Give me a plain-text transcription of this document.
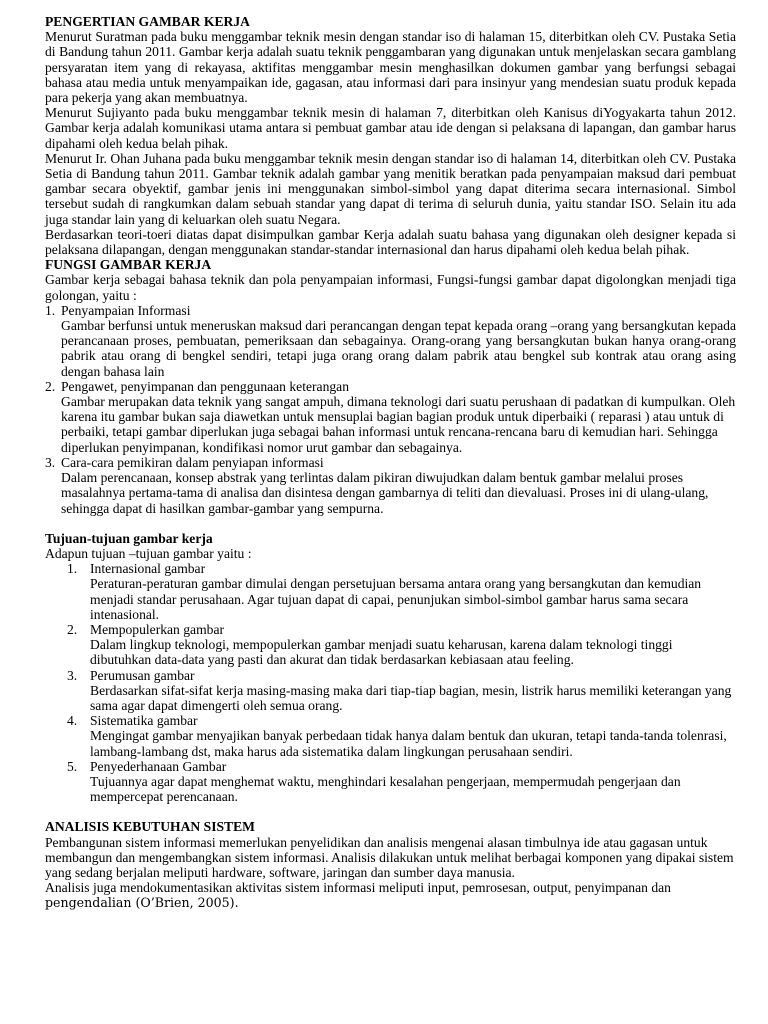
PENGERTIAN GAMBAR KERJA

Menurut Suratman pada buku menggambar teknik mesin dengan standar iso di halaman 15, diterbitkan oleh CV. Pustaka Setia di Bandung tahun 2011. Gambar kerja adalah suatu teknik penggambaran yang digunakan untuk menjelaskan secara gamblang persyaratan item yang di rekayasa, aktifitas menggambar mesin menghasilkan dokumen gambar yang berfungsi sebagai bahasa atau media untuk menyampaikan ide, gagasan, atau informasi dari para insinyur yang mendesian suatu produk kepada para pekerja yang akan membuatnya.

Menurut Sujiyanto pada buku menggambar teknik mesin di halaman 7, diterbitkan oleh Kanisus diYogyakarta tahun 2012. Gambar kerja adalah komunikasi utama antara si pembuat gambar atau ide dengan si pelaksana di lapangan, dan gambar harus dipahami oleh kedua belah pihak.

Menurut Ir. Ohan Juhana pada buku menggambar teknik mesin dengan standar iso di halaman 14, diterbitkan oleh CV. Pustaka Setia di Bandung tahun 2011. Gambar teknik adalah gambar yang menitik beratkan pada penyampaian maksud dari pembuat gambar secara obyektif, gambar jenis ini menggunakan simbol-simbol yang dapat diterima secara internasional. Simbol tersebut sudah di rangkumkan dalam sebuah standar yang dapat di terima di seluruh dunia, yaitu standar ISO. Selain itu ada juga standar lain yang di keluarkan oleh suatu Negara.

Berdasarkan teori-toeri diatas dapat disimpulkan gambar Kerja adalah suatu bahasa yang digunakan oleh designer kepada si pelaksana dilapangan, dengan menggunakan standar-standar internasional dan harus dipahami oleh kedua belah pihak.

FUNGSI GAMBAR KERJA

Gambar kerja sebagai bahasa teknik dan pola penyampaian informasi, Fungsi-fungsi gambar dapat digolongkan menjadi tiga golongan, yaitu :

1. Penyampaian Informasi

Gambar berfunsi untuk meneruskan maksud dari perancangan dengan tepat kepada orang –orang yang bersangkutan kepada perancanaan proses, pembuatan, pemeriksaan dan sebagainya. Orang-orang yang bersangkutan bukan hanya orang-orang pabrik atau orang di bengkel sendiri, tetapi juga orang orang dalam pabrik atau bengkel sub kontrak atau orang asing dengan bahasa lain

2. Pengawet, penyimpanan dan penggunaan keterangan

Gambar merupakan data teknik yang sangat ampuh, dimana teknologi dari suatu perushaan di padatkan di kumpulkan. Oleh karena itu gambar bukan saja diawetkan untuk mensuplai bagian bagian produk untuk diperbaiki ( reparasi ) atau untuk di perbaiki, tetapi gambar diperlukan juga sebagai bahan informasi untuk rencana-rencana baru di kemudian hari. Sehingga diperlukan penyimpanan, kondifikasi nomor urut gambar dan sebagainya.

3. Cara-cara pemikiran dalam penyiapan informasi

Dalam perencanaan, konsep abstrak yang terlintas dalam pikiran diwujudkan dalam bentuk gambar melalui proses masalahnya pertama-tama di analisa dan disintesa dengan gambarnya di teliti dan dievaluasi. Proses ini di ulang-ulang, sehingga dapat di hasilkan gambar-gambar yang sempurna.

Tujuan-tujuan gambar kerja

Adapun tujuan –tujuan gambar yaitu :

1. Internasional gambar

Peraturan-peraturan gambar dimulai dengan persetujuan bersama antara orang yang bersangkutan dan kemudian menjadi standar perusahaan. Agar tujuan dapat di capai, penunjukan simbol-simbol gambar harus sama secara intenasional.

2. Mempopulerkan gambar

Dalam lingkup teknologi, mempopulerkan gambar menjadi suatu keharusan, karena dalam teknologi tinggi dibutuhkan data-data yang pasti dan akurat dan tidak berdasarkan kebiasaan atau feeling.

3. Perumusan gambar

Berdasarkan sifat-sifat kerja masing-masing maka dari tiap-tiap bagian, mesin, listrik harus memiliki keterangan yang sama agar dapat dimengerti oleh semua orang.

4. Sistematika gambar

Mengingat gambar menyajikan banyak perbedaan tidak hanya dalam bentuk dan ukuran, tetapi tanda-tanda tolenrasi, lambang-lambang dst, maka harus ada sistematika dalam lingkungan perusahaan sendiri.

5. Penyederhanaan Gambar

Tujuannya agar dapat menghemat waktu, menghindari kesalahan pengerjaan, mempermudah pengerjaan dan mempercepat perencanaan.

ANALISIS KEBUTUHAN SISTEM

Pembangunan sistem informasi memerlukan penyelidikan dan analisis mengenai alasan timbulnya ide atau gagasan untuk membangun dan mengembangkan sistem informasi. Analisis dilakukan untuk melihat berbagai komponen yang dipakai sistem yang sedang berjalan meliputi hardware, software, jaringan dan sumber daya manusia.

Analisis juga mendokumentasikan aktivitas sistem informasi meliputi input, pemrosesan, output, penyimpanan dan

pengendalian (O’Brien, 2005).
